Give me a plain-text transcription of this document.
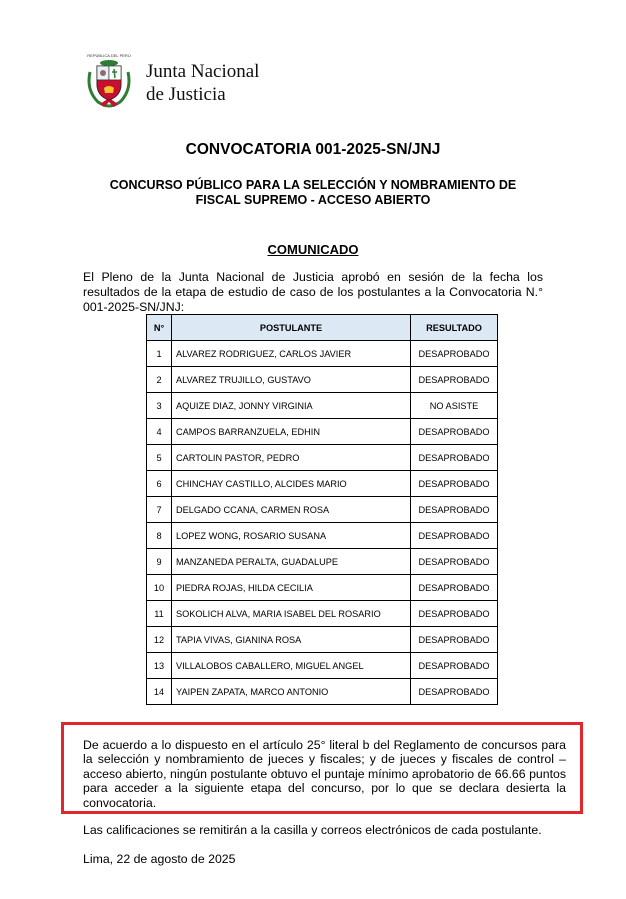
REPÚBLICA DEL PERÚ
Junta Nacional
de Justicia
CONVOCATORIA 001-2025-SN/JNJ
CONCURSO PÚBLICO PARA LA SELECCIÓN Y NOMBRAMIENTO DE
FISCAL SUPREMO - ACCESO ABIERTO
COMUNICADO
El Pleno de la Junta Nacional de Justicia aprobó en sesión de la fecha los resultados de la etapa de estudio de caso de los postulantes a la Convocatoria N.° 001-2025-SN/JNJ:
N°	POSTULANTE	RESULTADO
1	ALVAREZ RODRIGUEZ, CARLOS JAVIER	DESAPROBADO
2	ALVAREZ TRUJILLO, GUSTAVO	DESAPROBADO
3	AQUIZE DIAZ, JONNY VIRGINIA	NO ASISTE
4	CAMPOS BARRANZUELA, EDHIN	DESAPROBADO
5	CARTOLIN PASTOR, PEDRO	DESAPROBADO
6	CHINCHAY CASTILLO, ALCIDES MARIO	DESAPROBADO
7	DELGADO CCANA, CARMEN ROSA	DESAPROBADO
8	LOPEZ WONG, ROSARIO SUSANA	DESAPROBADO
9	MANZANEDA PERALTA, GUADALUPE	DESAPROBADO
10	PIEDRA ROJAS, HILDA CECILIA	DESAPROBADO
11	SOKOLICH ALVA, MARIA ISABEL DEL ROSARIO	DESAPROBADO
12	TAPIA VIVAS, GIANINA ROSA	DESAPROBADO
13	VILLALOBOS CABALLERO, MIGUEL ANGEL	DESAPROBADO
14	YAIPEN ZAPATA, MARCO ANTONIO	DESAPROBADO
De acuerdo a lo dispuesto en el artículo 25° literal b del Reglamento de concursos para la selección y nombramiento de jueces y fiscales; y de jueces y fiscales de control – acceso abierto, ningún postulante obtuvo el puntaje mínimo aprobatorio de 66.66 puntos para acceder a la siguiente etapa del concurso, por lo que se declara desierta la convocatoria.
Las calificaciones se remitirán a la casilla y correos electrónicos de cada postulante.
Lima, 22 de agosto de 2025
